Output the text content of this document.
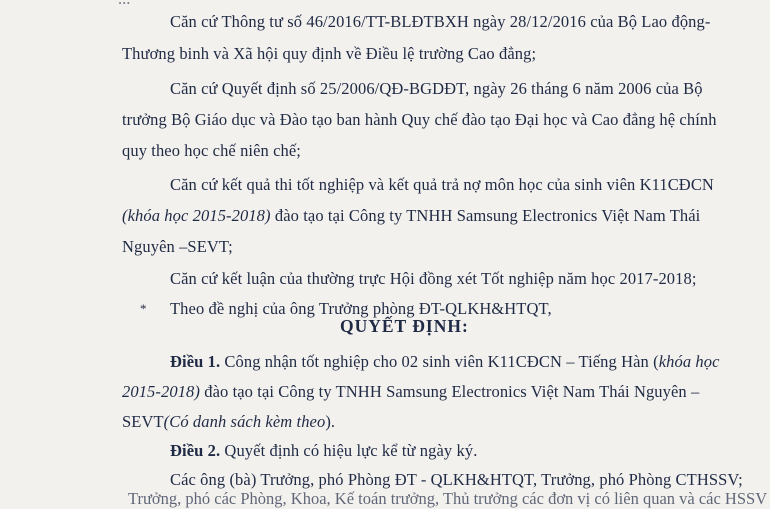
Căn cứ Thông tư số 46/2016/TT-BLĐTBXH ngày 28/12/2016 của Bộ Lao động-
Thương binh và Xã hội quy định về Điều lệ trường Cao đẳng;
Căn cứ Quyết định số 25/2006/QĐ-BGDĐT, ngày 26 tháng 6 năm 2006 của Bộ
trưởng Bộ Giáo dục và Đào tạo ban hành Quy chế đào tạo Đại học và Cao đẳng hệ chính
quy theo học chế niên chế;
Căn cứ kết quả thi tốt nghiệp và kết quả trả nợ môn học của sinh viên K11CĐCN
(khóa học 2015-2018) đào tạo tại Công ty TNHH Samsung Electronics Việt Nam Thái
Nguyên –SEVT;
Căn cứ kết luận của thường trực Hội đồng xét Tốt nghiệp năm học 2017-2018;
* Theo đề nghị của ông Trưởng phòng ĐT-QLKH&HTQT,
QUYẾT ĐỊNH:
Điều 1. Công nhận tốt nghiệp cho 02 sinh viên K11CĐCN – Tiếng Hàn (khóa học
2015-2018) đào tạo tại Công ty TNHH Samsung Electronics Việt Nam Thái Nguyên –
SEVT(Có danh sách kèm theo).
Điều 2. Quyết định có hiệu lực kể từ ngày ký.
Các ông (bà) Trưởng, phó Phòng ĐT - QLKH&HTQT, Trưởng, phó Phòng CTHSSV;
Trưởng, phó các Phòng, Khoa, Kế toán trưởng, Thủ trưởng các đơn vị có liên quan và các HSSV
